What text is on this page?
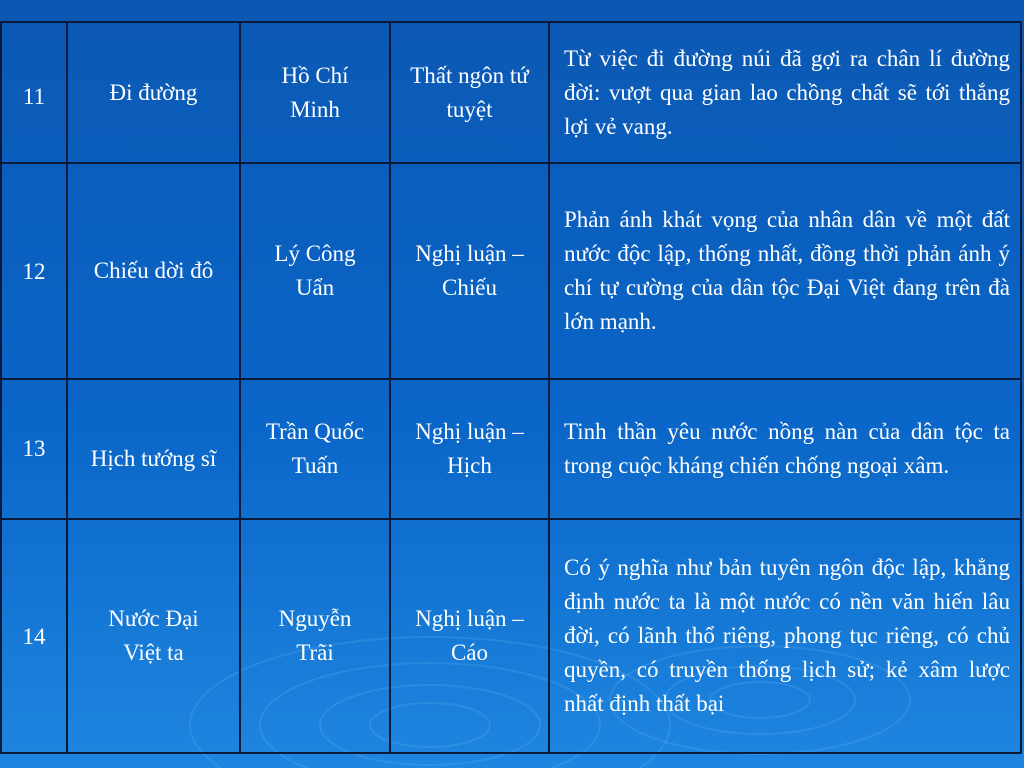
11	Đi đường	Hồ Chí Minh	Thất ngôn tứ tuyệt	Từ việc đi đường núi đã gợi ra chân lí đường đời: vượt qua gian lao chồng chất sẽ tới thắng lợi vẻ vang.

12	Chiếu dời đô	Lý Công Uẩn	Nghị luận – Chiếu	Phản ánh khát vọng của nhân dân về một đất nước độc lập, thống nhất, đồng thời phản ánh ý chí tự cường của dân tộc Đại Việt đang trên đà lớn mạnh.

13	Hịch tướng sĩ	Trần Quốc Tuấn	Nghị luận – Hịch	Tinh thần yêu nước nồng nàn của dân tộc ta trong cuộc kháng chiến chống ngoại xâm.

14	Nước Đại Việt ta	Nguyễn Trãi	Nghị luận – Cáo	Có ý nghĩa như bản tuyên ngôn độc lập, khẳng định nước ta là một nước có nền văn hiến lâu đời, có lãnh thổ riêng, phong tục riêng, có chủ quyền, có truyền thống lịch sử; kẻ xâm lược nhất định thất bại
